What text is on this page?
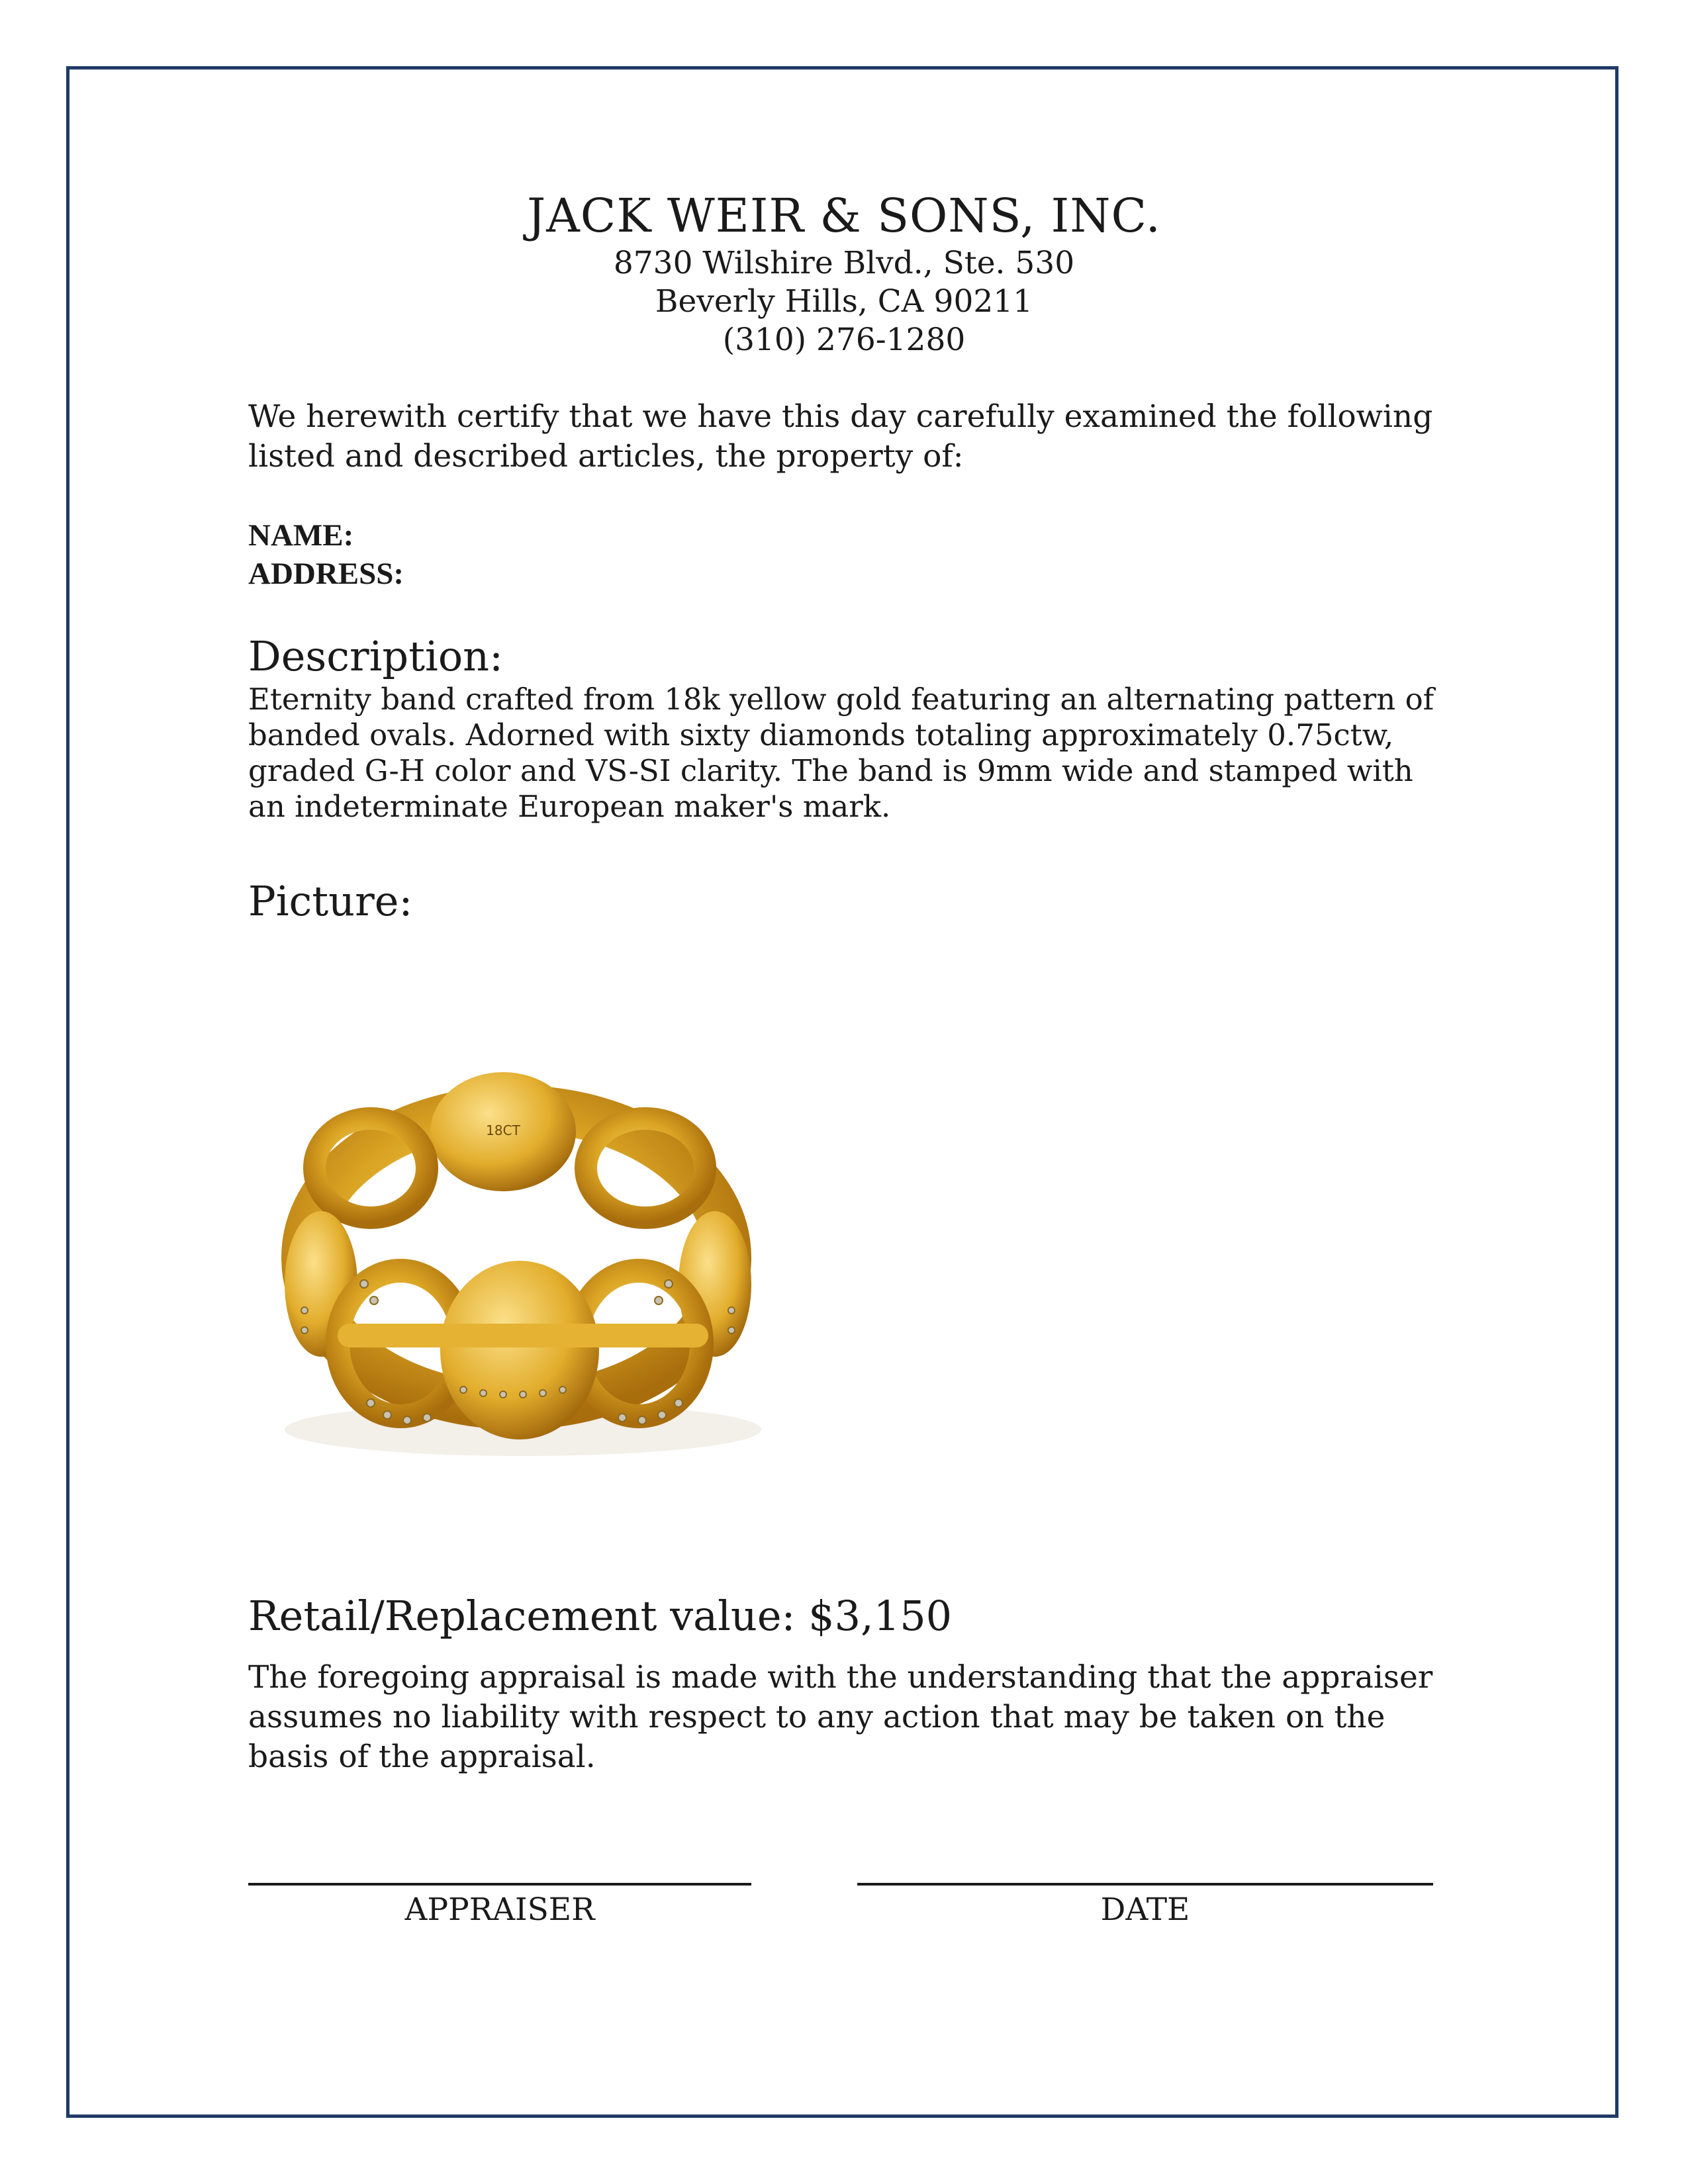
JACK WEIR & SONS, INC.
8730 Wilshire Blvd., Ste. 530
Beverly Hills, CA 90211
(310) 276-1280

We herewith certify that we have this day carefully examined the following listed and described articles, the property of:

NAME:
ADDRESS:
Description:

Eternity band crafted from 18k yellow gold featuring an alternating pattern of banded ovals. Adorned with sixty diamonds totaling approximately 0.75ctw, graded G-H color and VS-SI clarity. The band is 9mm wide and stamped with an indeterminate European maker's mark.

Picture:
18CT
Retail/Replacement value: $3,150

The foregoing appraisal is made with the understanding that the appraiser assumes no liability with respect to any action that may be taken on the basis of the appraisal.

APPRAISER	DATE
